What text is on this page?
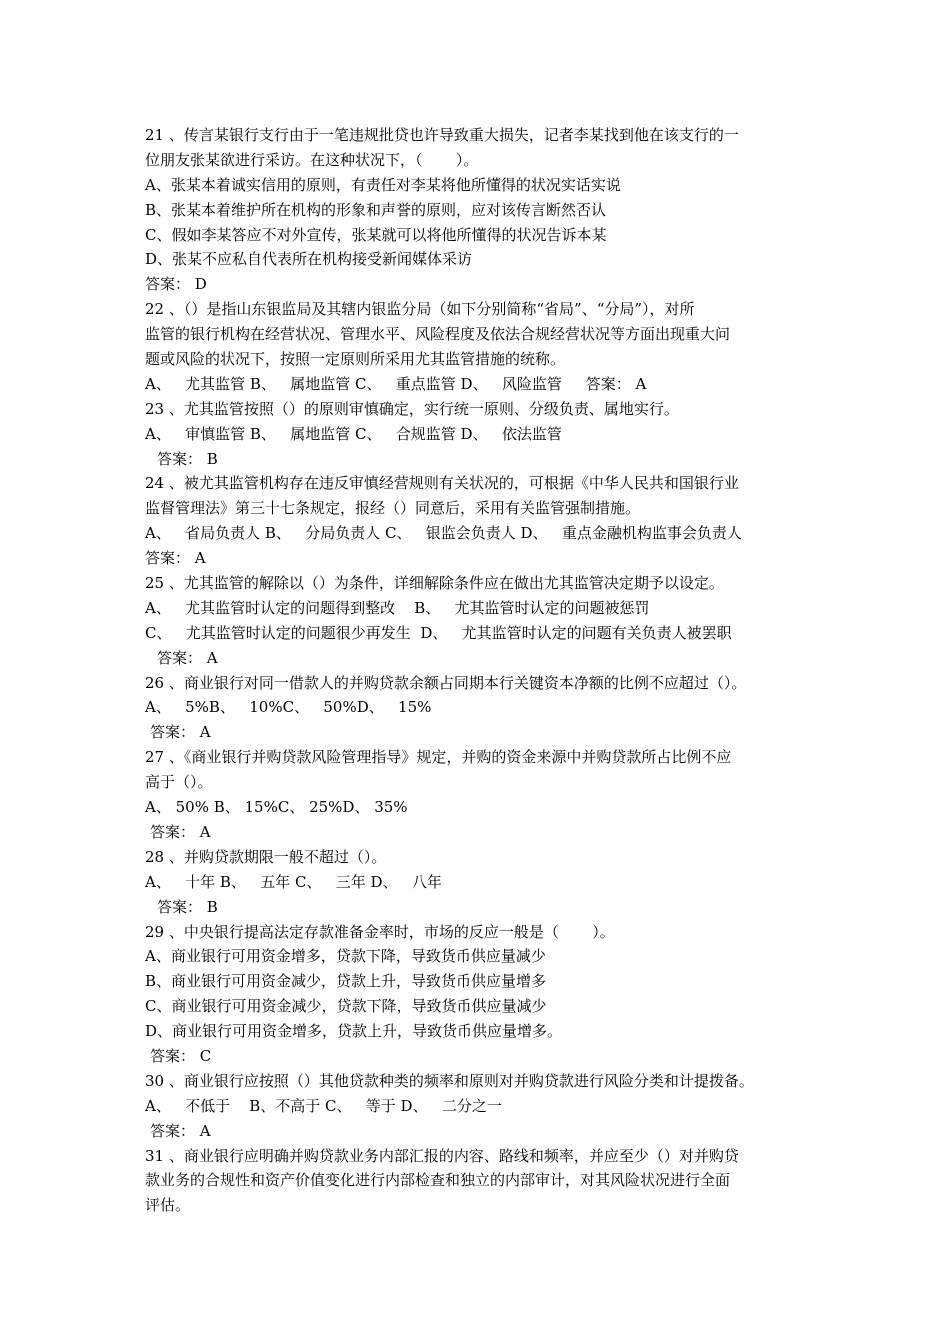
21 、传言某银行支行由于一笔违规批贷也许导致重大损失，记者李某找到他在该支行的一
位朋友张某欲进行采访。在这种状况下，（       ）。
A、张某本着诚实信用的原则，有责任对李某将他所懂得的状况实话实说
B、张某本着维护所在机构的形象和声誉的原则，应对该传言断然否认
C、假如李某答应不对外宣传，张某就可以将他所懂得的状况告诉本某
D、张某不应私自代表所在机构接受新闻媒体采访
答案： D
22 、（）是指山东银监局及其辖内银监分局（如下分别简称“省局”、“分局”），对所
监管的银行机构在经营状况、管理水平、风险程度及依法合规经营状况等方面出现重大问
题或风险的状况下，按照一定原则所采用尤其监管措施的统称。
A、   尤其监管 B、   属地监管 C、   重点监管 D、   风险监管     答案： A
23 、尤其监管按照（）的原则审慎确定，实行统一原则、分级负责、属地实行。
A、   审慎监管 B、   属地监管 C、   合规监管 D、   依法监管
答案： B
24 、被尤其监管机构存在违反审慎经营规则有关状况的，可根据《中华人民共和国银行业
监督管理法》第三十七条规定，报经（）同意后，采用有关监管强制措施。
A、   省局负责人 B、   分局负责人 C、   银监会负责人 D、   重点金融机构监事会负责人
答案： A
25 、尤其监管的解除以（）为条件，详细解除条件应在做出尤其监管决定期予以设定。
A、   尤其监管时认定的问题得到整改    B、   尤其监管时认定的问题被惩罚
C、   尤其监管时认定的问题很少再发生  D、   尤其监管时认定的问题有关负责人被罢职
答案： A
26 、商业银行对同一借款人的并购贷款余额占同期本行关键资本净额的比例不应超过（）。
A、   5%B、   10%C、   50%D、   15%
答案： A
27 、《商业银行并购贷款风险管理指导》规定，并购的资金来源中并购贷款所占比例不应
高于（）。
A、 50% B、 15%C、 25%D、 35%
答案： A
28 、并购贷款期限一般不超过（）。
A、   十年 B、   五年 C、   三年 D、   八年
答案： B
29 、中央银行提高法定存款准备金率时，市场的反应一般是（       ）。
A、商业银行可用资金增多，贷款下降，导致货币供应量减少
B、商业银行可用资金减少，贷款上升，导致货币供应量增多
C、商业银行可用资金减少，贷款下降，导致货币供应量减少
D、商业银行可用资金增多，贷款上升，导致货币供应量增多。
答案： C
30 、商业银行应按照（）其他贷款种类的频率和原则对并购贷款进行风险分类和计提拨备。
A、   不低于    B、不高于 C、   等于 D、   二分之一
答案： A
31 、商业银行应明确并购贷款业务内部汇报的内容、路线和频率，并应至少（）对并购贷
款业务的合规性和资产价值变化进行内部检查和独立的内部审计，对其风险状况进行全面
评估。
